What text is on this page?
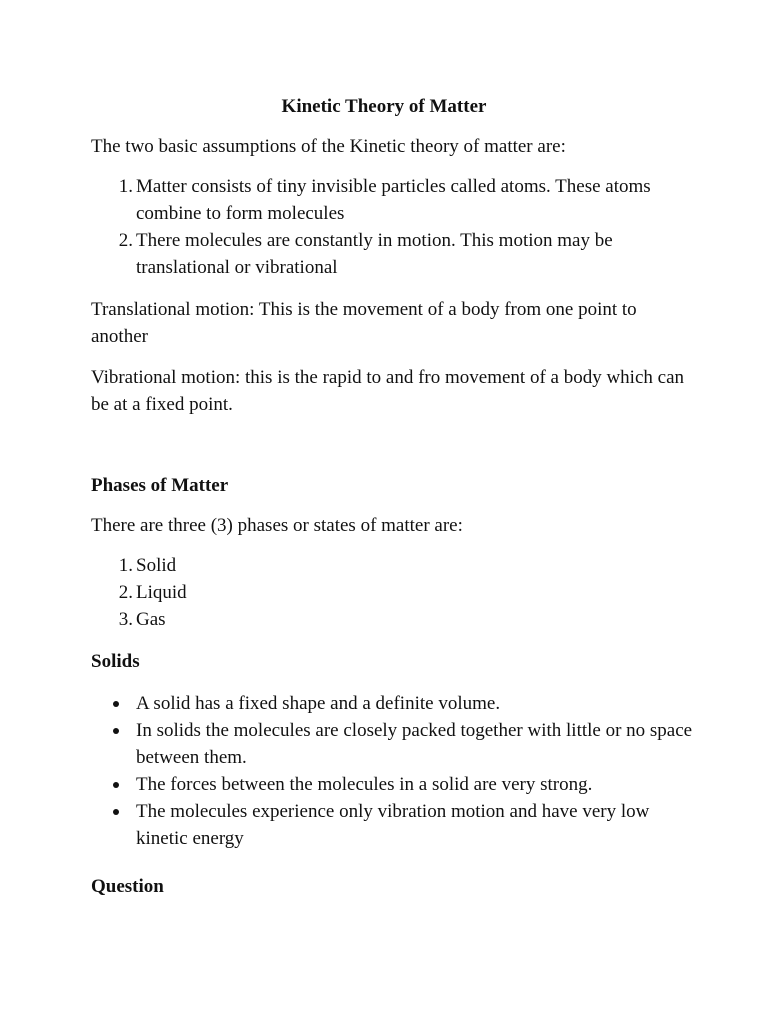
Kinetic Theory of Matter

The two basic assumptions of the Kinetic theory of matter are:

1 . Matter consists of tiny invisible particles called atoms. These atoms combine to form molecules
2 . There molecules are constantly in motion. This motion may be translational or vibrational

Translational motion: This is the movement of a body from one point to another

Vibrational motion: this is the rapid to and fro movement of a body which can be at a fixed point.

Phases of Matter

There are three (3) phases or states of matter are:

1 . Solid
2 . Liquid
3 . Gas
Solids
A solid has a fixed shape and a definite volume.
In solids the molecules are closely packed together with little or no space between them.
The forces between the molecules in a solid are very strong.
The molecules experience only vibration motion and have very low kinetic energy
Question
